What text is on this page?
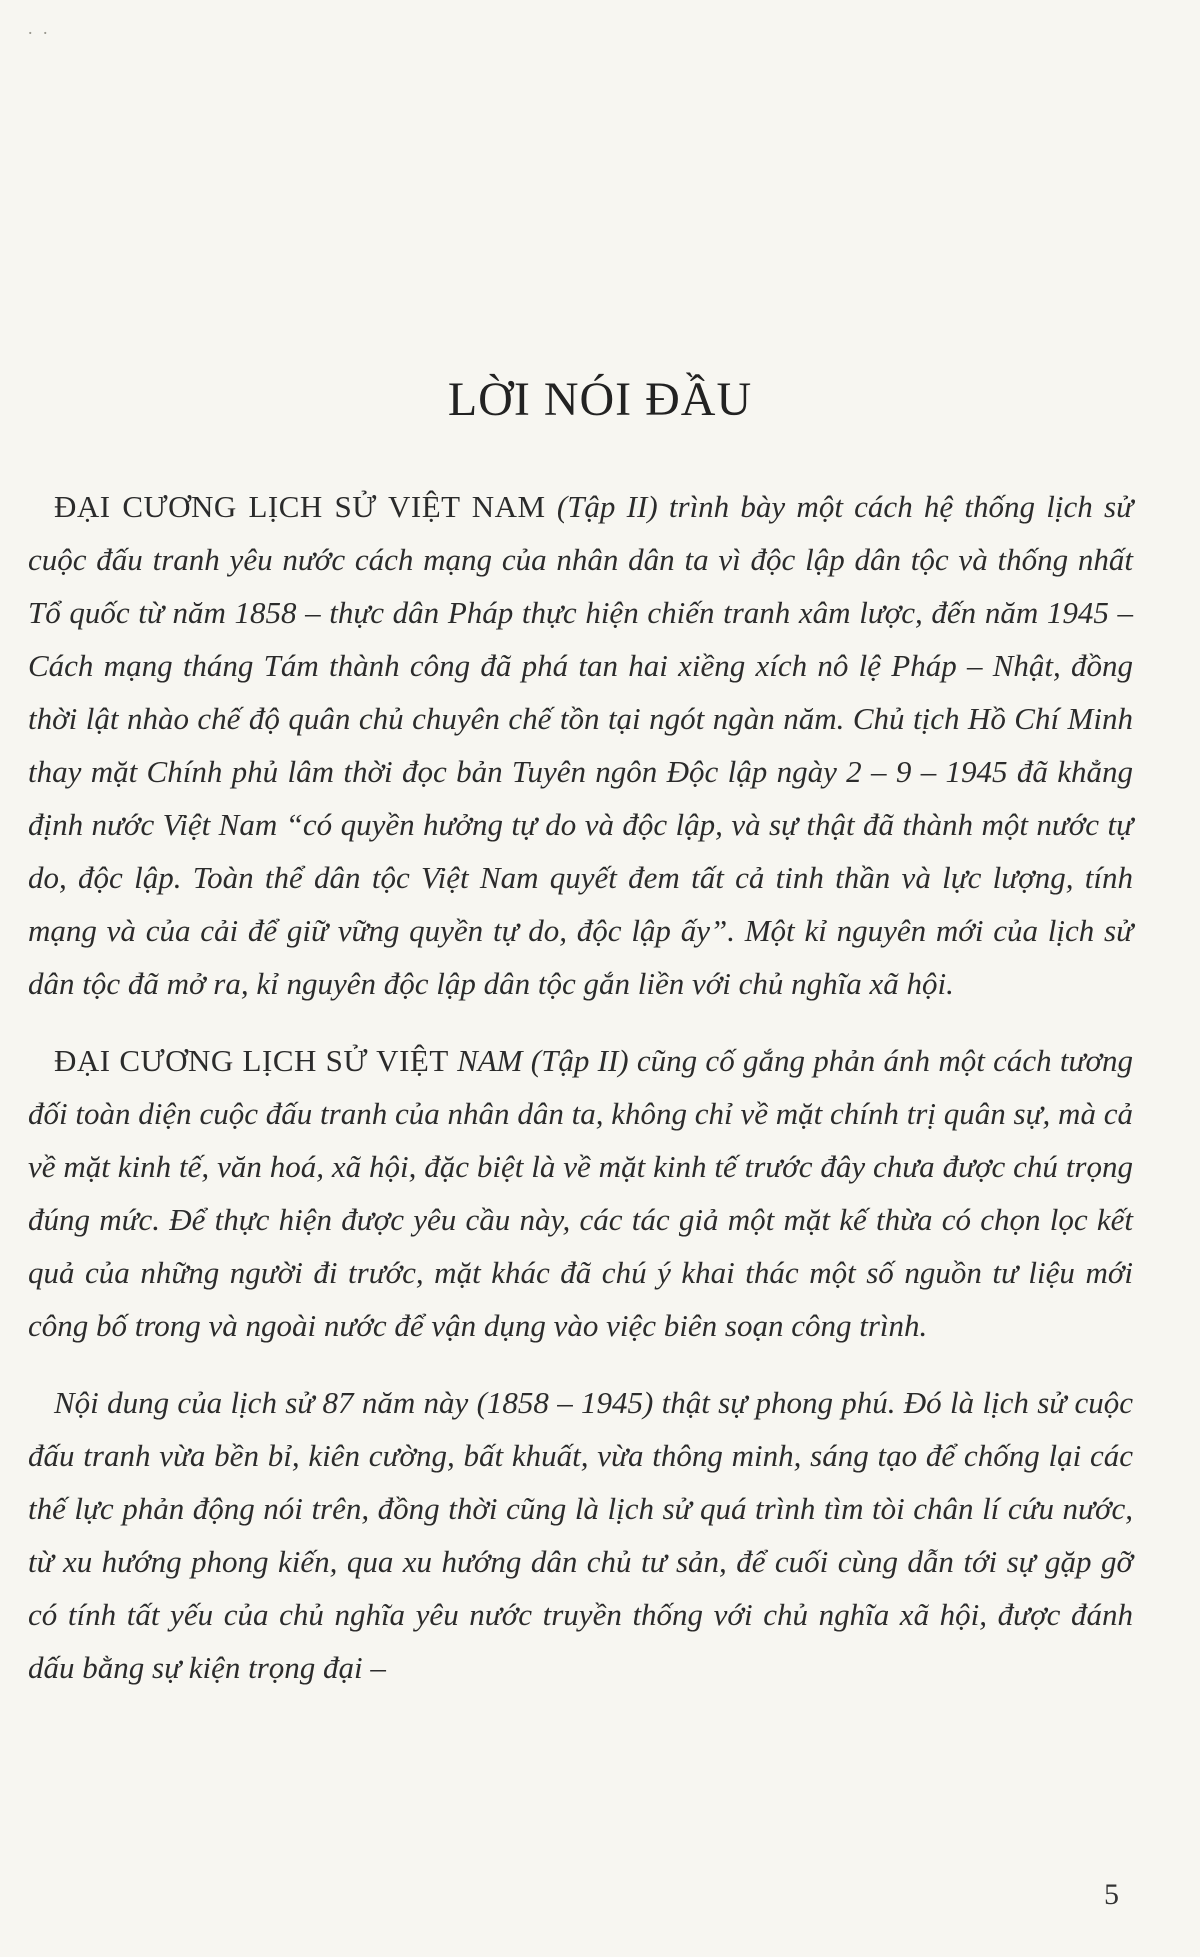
. .
LỜI NÓI ĐẦU

ĐẠI CƯƠNG LỊCH SỬ VIỆT NAM (Tập II) trình bày một cách hệ thống lịch sử cuộc đấu tranh yêu nước cách mạng của nhân dân ta vì độc lập dân tộc và thống nhất Tổ quốc từ năm 1858 – thực dân Pháp thực hiện chiến tranh xâm lược, đến năm 1945 – Cách mạng tháng Tám thành công đã phá tan hai xiềng xích nô lệ Pháp – Nhật, đồng thời lật nhào chế độ quân chủ chuyên chế tồn tại ngót ngàn năm. Chủ tịch Hồ Chí Minh thay mặt Chính phủ lâm thời đọc bản Tuyên ngôn Độc lập ngày 2 – 9 – 1945 đã khẳng định nước Việt Nam “có quyền hưởng tự do và độc lập, và sự thật đã thành một nước tự do, độc lập. Toàn thể dân tộc Việt Nam quyết đem tất cả tinh thần và lực lượng, tính mạng và của cải để giữ vững quyền tự do, độc lập ấy”. Một kỉ nguyên mới của lịch sử dân tộc đã mở ra, kỉ nguyên độc lập dân tộc gắn liền với chủ nghĩa xã hội.

ĐẠI CƯƠNG LỊCH SỬ VIỆT NAM (Tập II) cũng cố gắng phản ánh một cách tương đối toàn diện cuộc đấu tranh của nhân dân ta, không chỉ về mặt chính trị quân sự, mà cả về mặt kinh tế, văn hoá, xã hội, đặc biệt là về mặt kinh tế trước đây chưa được chú trọng đúng mức. Để thực hiện được yêu cầu này, các tác giả một mặt kế thừa có chọn lọc kết quả của những người đi trước, mặt khác đã chú ý khai thác một số nguồn tư liệu mới công bố trong và ngoài nước để vận dụng vào việc biên soạn công trình.

Nội dung của lịch sử 87 năm này (1858 – 1945) thật sự phong phú. Đó là lịch sử cuộc đấu tranh vừa bền bỉ, kiên cường, bất khuất, vừa thông minh, sáng tạo để chống lại các thế lực phản động nói trên, đồng thời cũng là lịch sử quá trình tìm tòi chân lí cứu nước, từ xu hướng phong kiến, qua xu hướng dân chủ tư sản, để cuối cùng dẫn tới sự gặp gỡ có tính tất yếu của chủ nghĩa yêu nước truyền thống với chủ nghĩa xã hội, được đánh dấu bằng sự kiện trọng đại –

5
